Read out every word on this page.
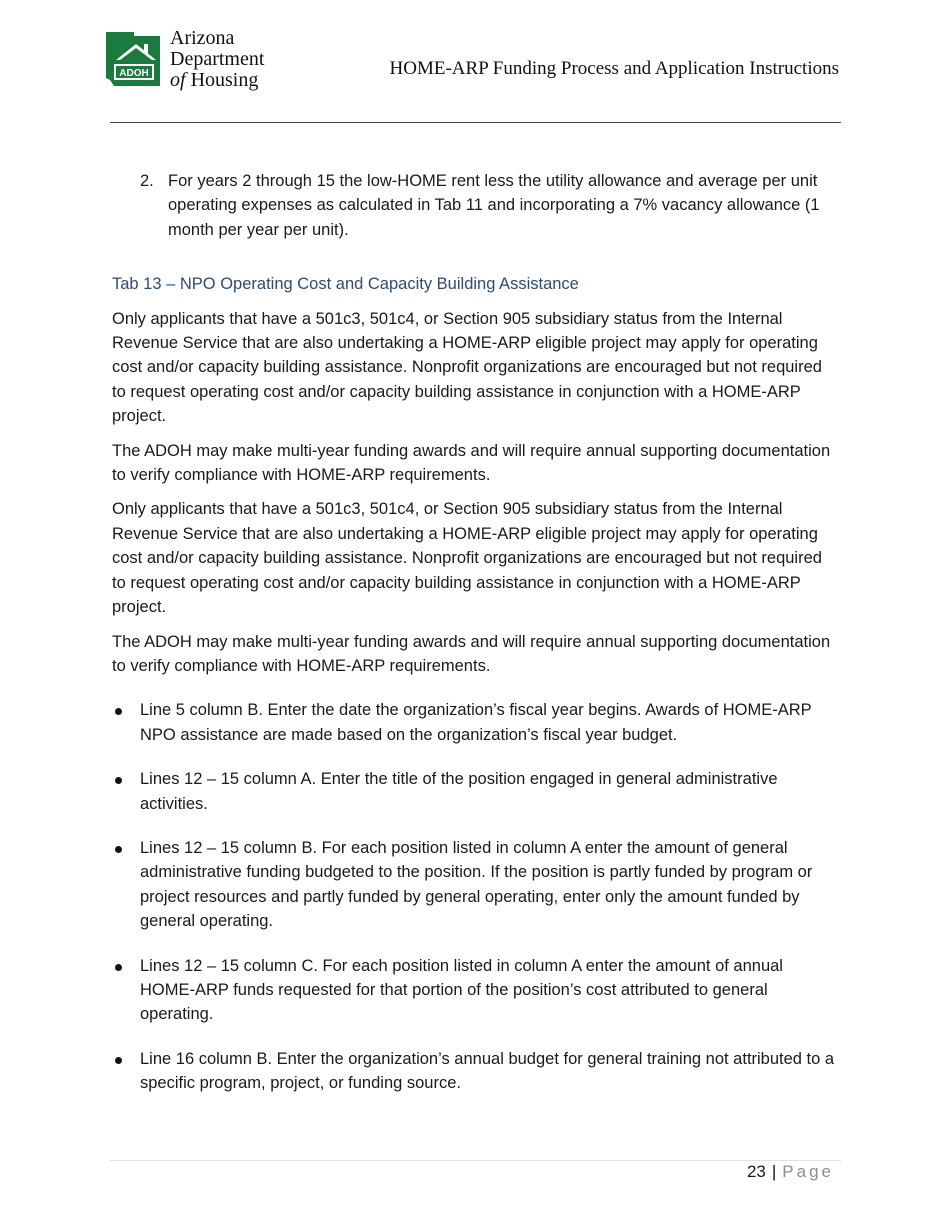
ADOH
Arizona
Department
of Housing
HOME-ARP Funding Process and Application Instructions
2. For years 2 through 15 the low-HOME rent less the utility allowance and average per unit operating expenses as calculated in Tab 11 and incorporating a 7% vacancy allowance (1 month per year per unit).
Tab 13 – NPO Operating Cost and Capacity Building Assistance

Only applicants that have a 501c3, 501c4, or Section 905 subsidiary status from the Internal Revenue Service that are also undertaking a HOME-ARP eligible project may apply for operating cost and/or capacity building assistance. Nonprofit organizations are encouraged but not required to request operating cost and/or capacity building assistance in conjunction with a HOME-ARP project.

The ADOH may make multi-year funding awards and will require annual supporting documentation to verify compliance with HOME-ARP requirements.

Only applicants that have a 501c3, 501c4, or Section 905 subsidiary status from the Internal Revenue Service that are also undertaking a HOME-ARP eligible project may apply for operating cost and/or capacity building assistance. Nonprofit organizations are encouraged but not required to request operating cost and/or capacity building assistance in conjunction with a HOME-ARP project.

The ADOH may make multi-year funding awards and will require annual supporting documentation to verify compliance with HOME-ARP requirements.

Line 5 column B. Enter the date the organization’s fiscal year begins. Awards of HOME-ARP NPO assistance are made based on the organization’s fiscal year budget.
Lines 12 – 15 column A. Enter the title of the position engaged in general administrative activities.
Lines 12 – 15 column B. For each position listed in column A enter the amount of general administrative funding budgeted to the position. If the position is partly funded by program or project resources and partly funded by general operating, enter only the amount funded by general operating.
Lines 12 – 15 column C. For each position listed in column A enter the amount of annual HOME-ARP funds requested for that portion of the position’s cost attributed to general operating.
Line 16 column B. Enter the organization’s annual budget for general training not attributed to a specific program, project, or funding source.
23 | Page
